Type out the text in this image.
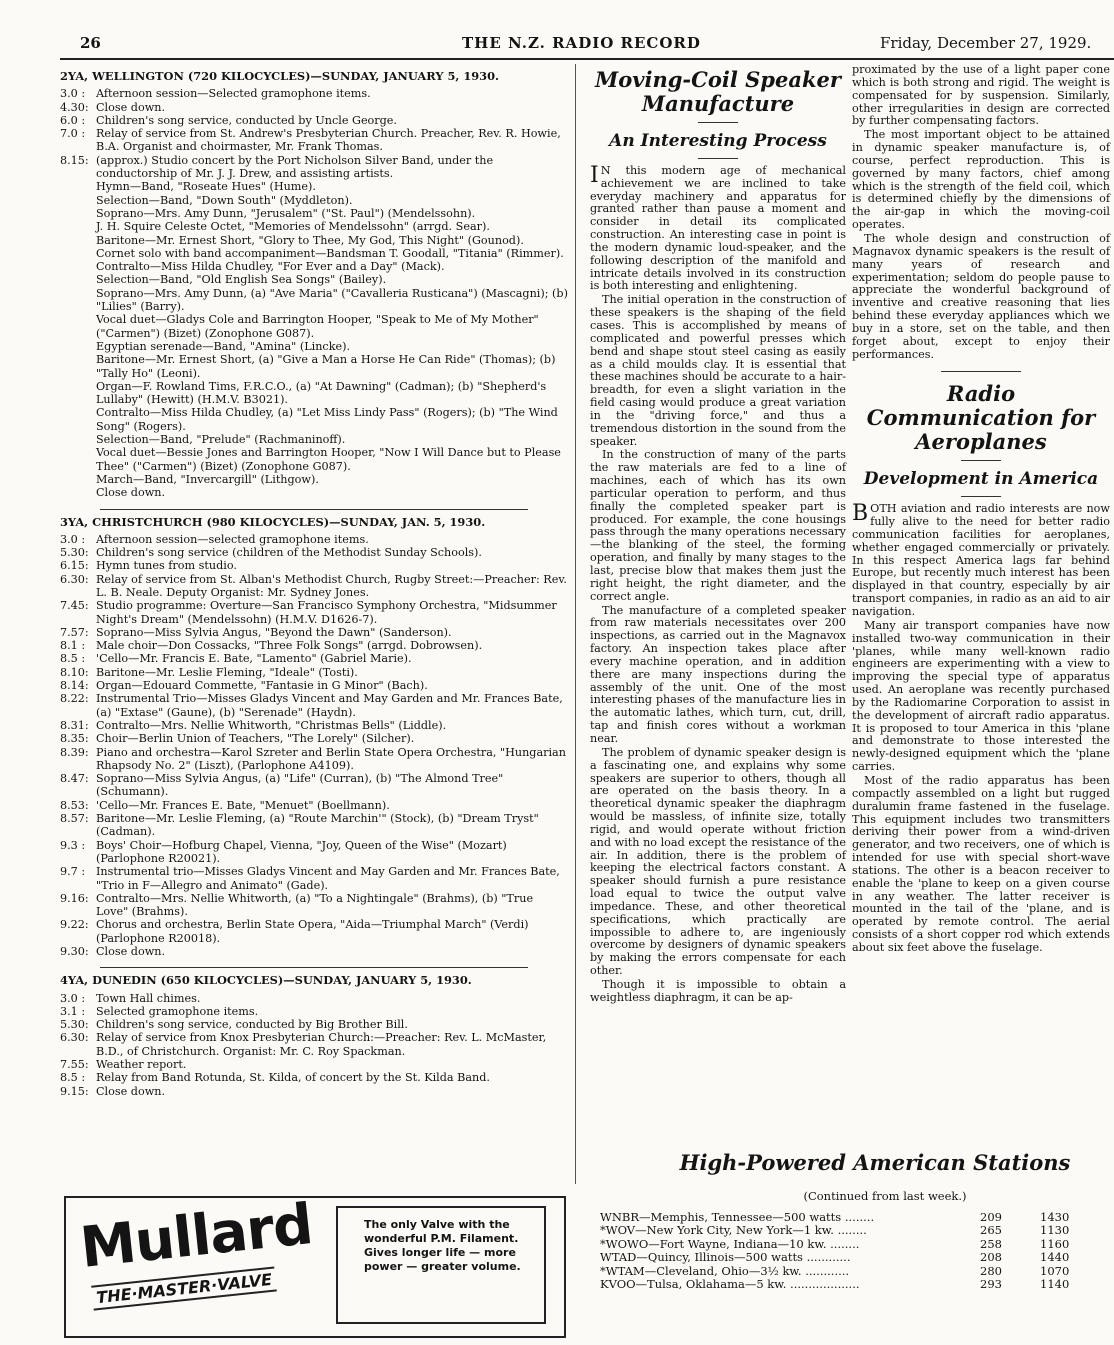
26	THE N.Z. RADIO RECORD	Friday, December 27, 1929.
2YA, WELLINGTON (720 KILOCYCLES)—SUNDAY, JANUARY 5, 1930.
3.0 : Afternoon session—Selected gramophone items.
4.30: Close down.
6.0 : Children's song service, conducted by Uncle George.
7.0 : Relay of service from St. Andrew's Presbyterian Church. Preacher, Rev. R. Howie, B.A. Organist and choirmaster, Mr. Frank Thomas.
8.15: (approx.) Studio concert by the Port Nicholson Silver Band, under the conductorship of Mr. J. J. Drew, and assisting artists.
Hymn—Band, "Roseate Hues" (Hume).
Selection—Band, "Down South" (Myddleton).
Soprano—Mrs. Amy Dunn, "Jerusalem" ("St. Paul") (Mendelssohn).
J. H. Squire Celeste Octet, "Memories of Mendelssohn" (arrgd. Sear).
Baritone—Mr. Ernest Short, "Glory to Thee, My God, This Night" (Gounod).
Cornet solo with band accompaniment—Bandsman T. Goodall, "Titania" (Rimmer).
Contralto—Miss Hilda Chudley, "For Ever and a Day" (Mack).
Selection—Band, "Old English Sea Songs" (Bailey).
Soprano—Mrs. Amy Dunn, (a) "Ave Maria" ("Cavalleria Rusticana") (Mascagni); (b) "Lilies" (Barry).
Vocal duet—Gladys Cole and Barrington Hooper, "Speak to Me of My Mother" ("Carmen") (Bizet) (Zonophone G087).
Egyptian serenade—Band, "Amina" (Lincke).
Baritone—Mr. Ernest Short, (a) "Give a Man a Horse He Can Ride" (Thomas); (b) "Tally Ho" (Leoni).
Organ—F. Rowland Tims, F.R.C.O., (a) "At Dawning" (Cadman); (b) "Shepherd's Lullaby" (Hewitt) (H.M.V. B3021).
Contralto—Miss Hilda Chudley, (a) "Let Miss Lindy Pass" (Rogers); (b) "The Wind Song" (Rogers).
Selection—Band, "Prelude" (Rachmaninoff).
Vocal duet—Bessie Jones and Barrington Hooper, "Now I Will Dance but to Please Thee" ("Carmen") (Bizet) (Zonophone G087).
March—Band, "Invercargill" (Lithgow).
Close down.
3YA, CHRISTCHURCH (980 KILOCYCLES)—SUNDAY, JAN. 5, 1930.
3.0 : Afternoon session—selected gramophone items.
5.30: Children's song service (children of the Methodist Sunday Schools).
6.15: Hymn tunes from studio.
6.30: Relay of service from St. Alban's Methodist Church, Rugby Street:—Preacher: Rev. L. B. Neale. Deputy Organist: Mr. Sydney Jones.
7.45: Studio programme: Overture—San Francisco Symphony Orchestra, "Midsummer Night's Dream" (Mendelssohn) (H.M.V. D1626-7).
7.57: Soprano—Miss Sylvia Angus, "Beyond the Dawn" (Sanderson).
8.1 : Male choir—Don Cossacks, "Three Folk Songs" (arrgd. Dobrowsen).
8.5 : 'Cello—Mr. Francis E. Bate, "Lamento" (Gabriel Marie).
8.10: Baritone—Mr. Leslie Fleming, "Ideale" (Tosti).
8.14: Organ—Edouard Commette, "Fantasie in G Minor" (Bach).
8.22: Instrumental Trio—Misses Gladys Vincent and May Garden and Mr. Frances Bate, (a) "Extase" (Gaune), (b) "Serenade" (Haydn).
8.31: Contralto—Mrs. Nellie Whitworth, "Christmas Bells" (Liddle).
8.35: Choir—Berlin Union of Teachers, "The Lorely" (Silcher).
8.39: Piano and orchestra—Karol Szreter and Berlin State Opera Orchestra, "Hungarian Rhapsody No. 2" (Liszt), (Parlophone A4109).
8.47: Soprano—Miss Sylvia Angus, (a) "Life" (Curran), (b) "The Almond Tree" (Schumann).
8.53: 'Cello—Mr. Frances E. Bate, "Menuet" (Boellmann).
8.57: Baritone—Mr. Leslie Fleming, (a) "Route Marchin'" (Stock), (b) "Dream Tryst" (Cadman).
9.3 : Boys' Choir—Hofburg Chapel, Vienna, "Joy, Queen of the Wise" (Mozart) (Parlophone R20021).
9.7 : Instrumental trio—Misses Gladys Vincent and May Garden and Mr. Frances Bate, "Trio in F—Allegro and Animato" (Gade).
9.16: Contralto—Mrs. Nellie Whitworth, (a) "To a Nightingale" (Brahms), (b) "True Love" (Brahms).
9.22: Chorus and orchestra, Berlin State Opera, "Aida—Triumphal March" (Verdi) (Parlophone R20018).
9.30: Close down.
4YA, DUNEDIN (650 KILOCYCLES)—SUNDAY, JANUARY 5, 1930.
3.0 : Town Hall chimes.
3.1 : Selected gramophone items.
5.30: Children's song service, conducted by Big Brother Bill.
6.30: Relay of service from Knox Presbyterian Church:—Preacher: Rev. L. McMaster, B.D., of Christchurch. Organist: Mr. C. Roy Spackman.
7.55: Weather report.
8.5 : Relay from Band Rotunda, St. Kilda, of concert by the St. Kilda Band.
9.15: Close down.
Moving-Coil Speaker Manufacture
An Interesting Process

I N this modern age of mechanical achievement we are inclined to take everyday machinery and apparatus for granted rather than pause a moment and consider in detail its complicated construction. An interesting case in point is the modern dynamic loud-speaker, and the following description of the manifold and intricate details involved in its construction is both interesting and enlightening.

The initial operation in the construction of these speakers is the shaping of the field cases. This is accomplished by means of complicated and powerful presses which bend and shape stout steel casing as easily as a child moulds clay. It is essential that these machines should be accurate to a hair-breadth, for even a slight variation in the field casing would produce a great variation in the "driving force," and thus a tremendous distortion in the sound from the speaker.

In the construction of many of the parts the raw materials are fed to a line of machines, each of which has its own particular operation to perform, and thus finally the completed speaker part is produced. For example, the cone housings pass through the many operations necessary—the blanking of the steel, the forming operation, and finally by many stages to the last, precise blow that makes them just the right height, the right diameter, and the correct angle.

The manufacture of a completed speaker from raw materials necessitates over 200 inspections, as carried out in the Magnavox factory. An inspection takes place after every machine operation, and in addition there are many inspections during the assembly of the unit. One of the most interesting phases of the manufacture lies in the automatic lathes, which turn, cut, drill, tap and finish cores without a workman near.

The problem of dynamic speaker design is a fascinating one, and explains why some speakers are superior to others, though all are operated on the basis theory. In a theoretical dynamic speaker the diaphragm would be massless, of infinite size, totally rigid, and would operate without friction and with no load except the resistance of the air. In addition, there is the problem of keeping the electrical factors constant. A speaker should furnish a pure resistance load equal to twice the output valve impedance. These, and other theoretical specifications, which practically are impossible to adhere to, are ingeniously overcome by designers of dynamic speakers by making the errors compensate for each other.

Though it is impossible to obtain a weightless diaphragm, it can be ap-

proximated by the use of a light paper cone which is both strong and rigid. The weight is compensated for by suspension. Similarly, other irregularities in design are corrected by further compensating factors.

The most important object to be attained in dynamic speaker manufacture is, of course, perfect reproduction. This is governed by many factors, chief among which is the strength of the field coil, which is determined chiefly by the dimensions of the air-gap in which the moving-coil operates.

The whole design and construction of Magnavox dynamic speakers is the result of many years of research and experimentation; seldom do people pause to appreciate the wonderful background of inventive and creative reasoning that lies behind these everyday appliances which we buy in a store, set on the table, and then forget about, except to enjoy their performances.

Radio Communication for Aeroplanes
Development in America

BOTH aviation and radio interests are now fully alive to the need for better radio communication facilities for aeroplanes, whether engaged commercially or privately. In this respect America lags far behind Europe, but recently much interest has been displayed in that country, especially by air transport companies, in radio as an aid to air navigation.

Many air transport companies have now installed two-way communication in their 'planes, while many well-known radio engineers are experimenting with a view to improving the special type of apparatus used. An aeroplane was recently purchased by the Radiomarine Corporation to assist in the development of aircraft radio apparatus. It is proposed to tour America in this 'plane and demonstrate to those interested the newly-designed equipment which the 'plane carries.

Most of the radio apparatus has been compactly assembled on a light but rugged duralumin frame fastened in the fuselage. This equipment includes two transmitters deriving their power from a wind-driven generator, and two receivers, one of which is intended for use with special short-wave stations. The other is a beacon receiver to enable the 'plane to keep on a given course in any weather. The latter receiver is mounted in the tail of the 'plane, and is operated by remote control. The aerial consists of a short copper rod which extends about six feet above the fuselage.

Mullard
THE·MASTER·VALVE
The only Valve with the wonderful P.M. Filament. Gives longer life — more power — greater volume.
High-Powered American Stations
(Continued from last week.)
WNBR—Memphis, Tennessee—500 watts ........	209	1430
*WOV—New York City, New York—1 kw. ........	265	1130
*WOWO—Fort Wayne, Indiana—10 kw. ........	258	1160
WTAD—Quincy, Illinois—500 watts ............	208	1440
*WTAM—Cleveland, Ohio—3½ kw. ............	280	1070
KVOO—Tulsa, Oklahama—5 kw. ...................	293	1140
